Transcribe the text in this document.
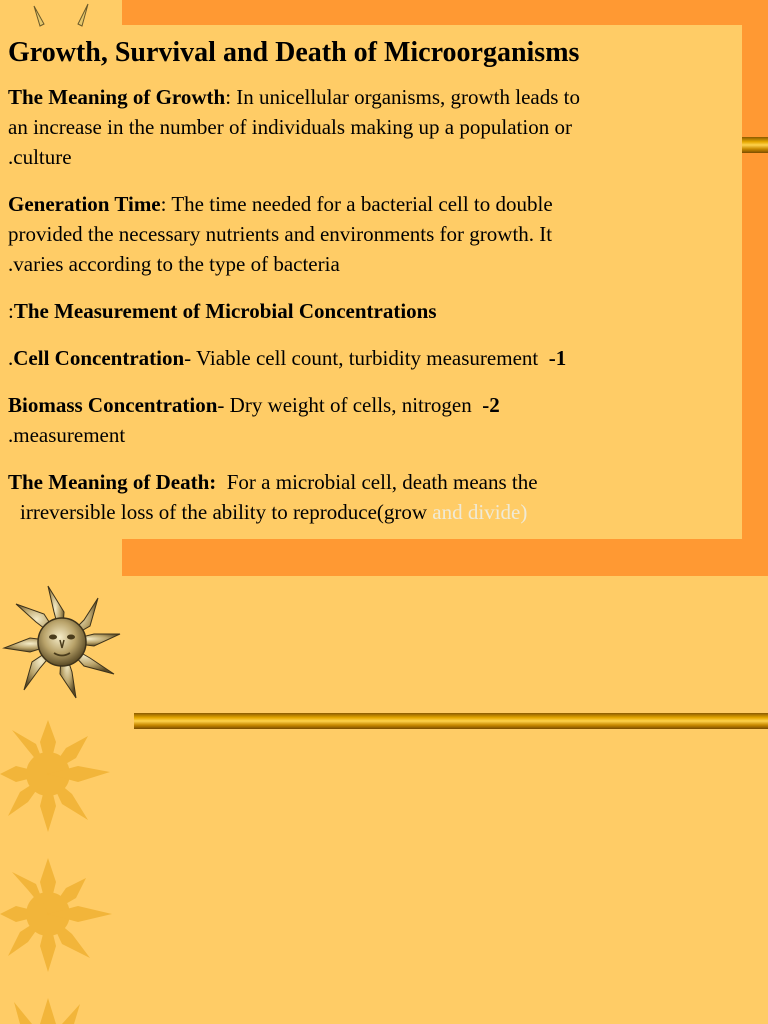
Growth, Survival and Death of Microorganisms

The Meaning of Growth: In unicellular organisms, growth leads to
an increase in the number of individuals making up a population or
.culture

Generation Time: The time needed for a bacterial cell to double
provided the necessary nutrients and environments for growth. It
.varies according to the type of bacteria

:The Measurement of Microbial Concentrations

.Cell Concentration- Viable cell count, turbidity measurement  -1

Biomass Concentration- Dry weight of cells, nitrogen  -2
.measurement

The Meaning of Death:  For a microbial cell, death means the
irreversible loss of the ability to reproduce(grow and divide)
